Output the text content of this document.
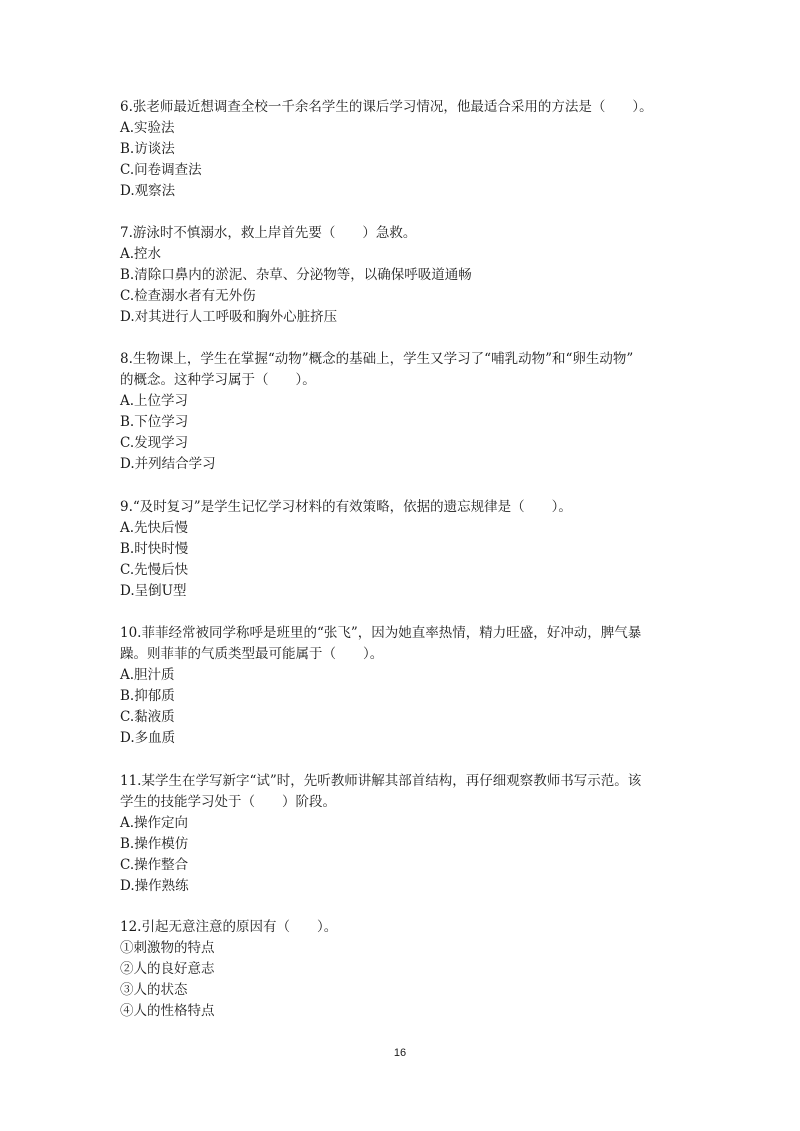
6.张老师最近想调查全校一千余名学生的课后学习情况，他最适合采用的方法是（　　）。
A.实验法
B.访谈法
C.问卷调查法
D.观察法
7.游泳时不慎溺水，救上岸首先要（　　）急救。
A.控水
B.清除口鼻内的淤泥、杂草、分泌物等，以确保呼吸道通畅
C.检查溺水者有无外伤
D.对其进行人工呼吸和胸外心脏挤压
8.生物课上，学生在掌握“动物”概念的基础上，学生又学习了“哺乳动物”和“卵生动物”
的概念。这种学习属于（　　）。
A.上位学习
B.下位学习
C.发现学习
D.并列结合学习
9.“及时复习”是学生记忆学习材料的有效策略，依据的遗忘规律是（　　）。
A.先快后慢
B.时快时慢
C.先慢后快
D.呈倒U型
10.菲菲经常被同学称呼是班里的“张飞”，因为她直率热情，精力旺盛，好冲动，脾气暴
躁。则菲菲的气质类型最可能属于（　　）。
A.胆汁质
B.抑郁质
C.黏液质
D.多血质
11.某学生在学写新字“试”时，先听教师讲解其部首结构，再仔细观察教师书写示范。该
学生的技能学习处于（　　）阶段。
A.操作定向
B.操作模仿
C.操作整合
D.操作熟练
12.引起无意注意的原因有（　　）。
①刺激物的特点
②人的良好意志
③人的状态
④人的性格特点
16
